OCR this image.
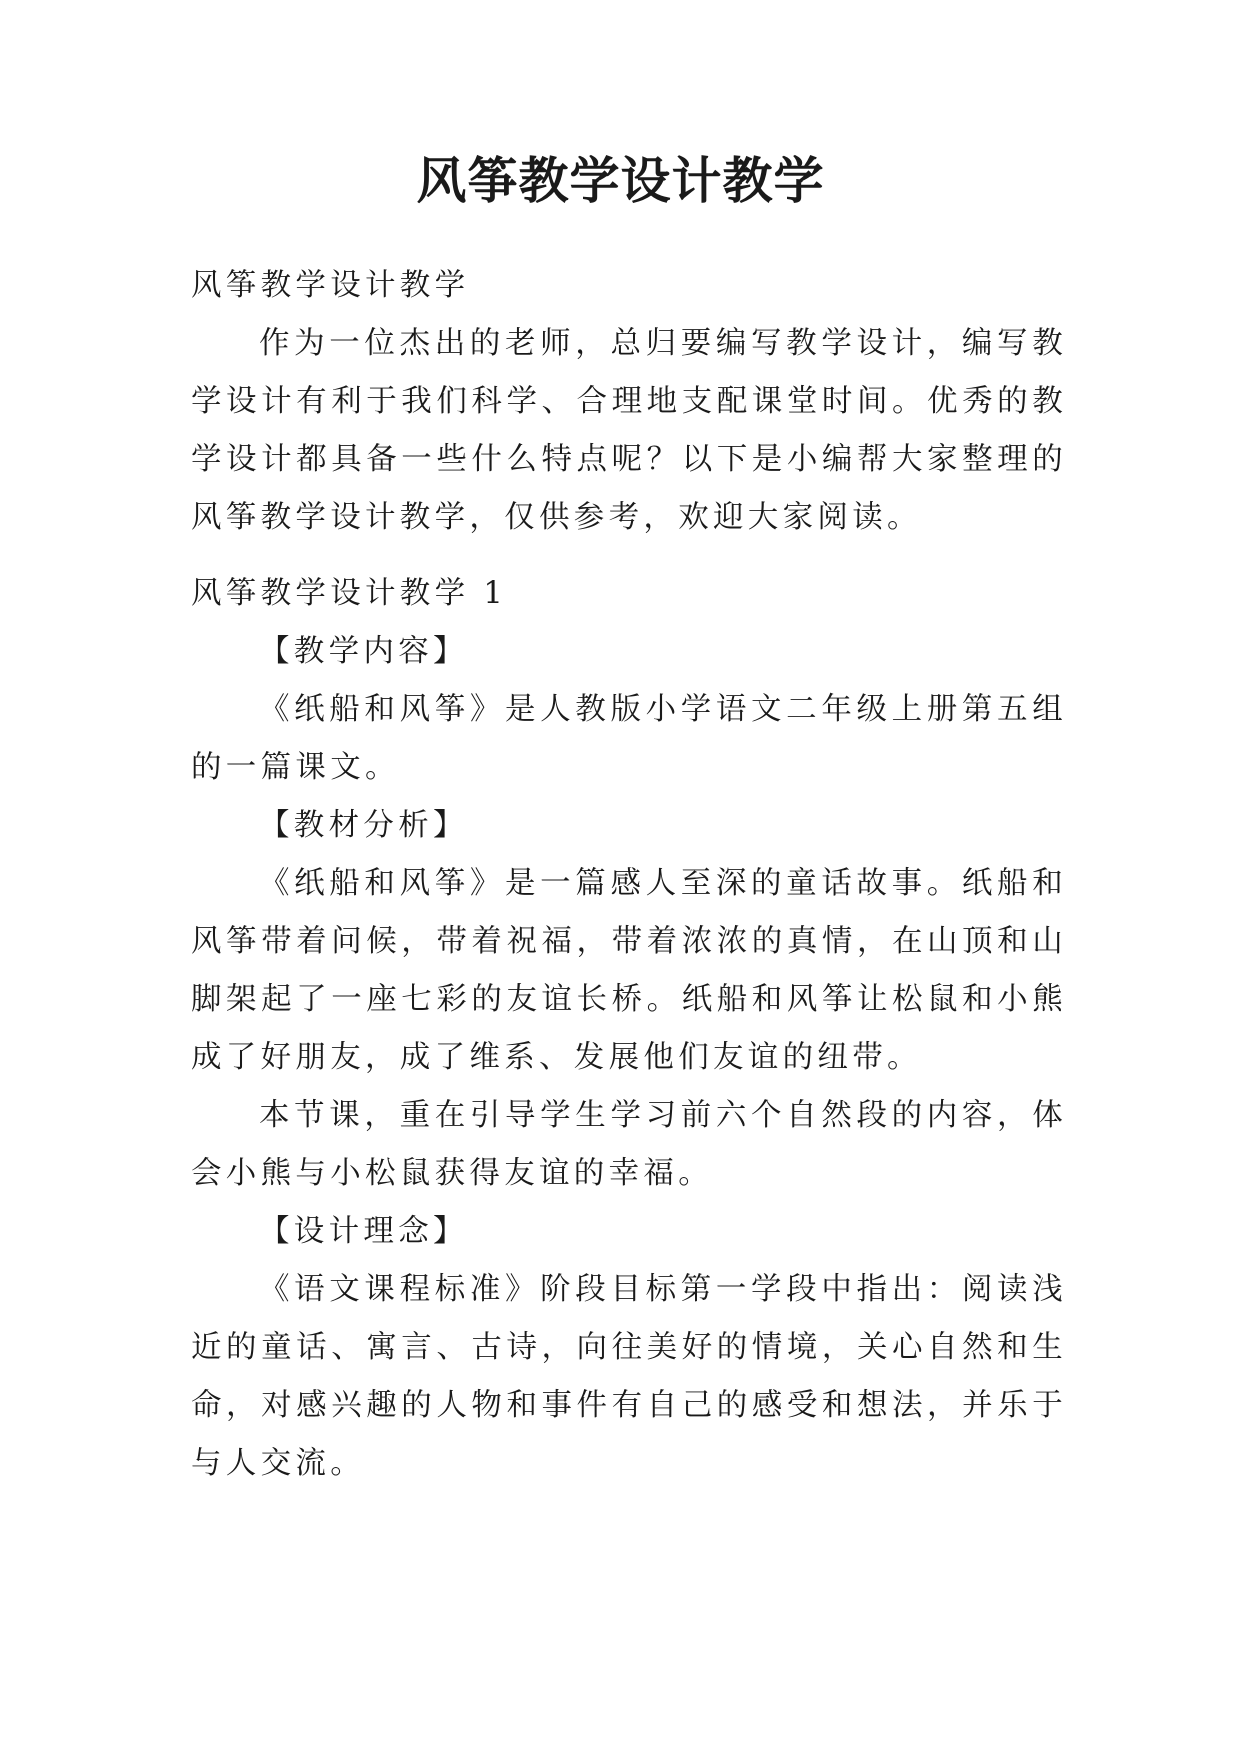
风筝教学设计教学

风筝教学设计教学

作为一位杰出的老师，总归要编写教学设计，编写教学设计有利于我们科学、合理地支配课堂时间。优秀的教学设计都具备一些什么特点呢？以下是小编帮大家整理的风筝教学设计教学，仅供参考，欢迎大家阅读。

风筝教学设计教学 1

【教学内容】

《纸船和风筝》是人教版小学语文二年级上册第五组的一篇课文。

【教材分析】

《纸船和风筝》是一篇感人至深的童话故事。纸船和风筝带着问候，带着祝福，带着浓浓的真情，在山顶和山脚架起了一座七彩的友谊长桥。纸船和风筝让松鼠和小熊成了好朋友，成了维系、发展他们友谊的纽带。

本节课，重在引导学生学习前六个自然段的内容，体会小熊与小松鼠获得友谊的幸福。

【设计理念】

《语文课程标准》阶段目标第一学段中指出：阅读浅近的童话、寓言、古诗，向往美好的情境，关心自然和生命，对感兴趣的人物和事件有自己的感受和想法，并乐于与人交流。
